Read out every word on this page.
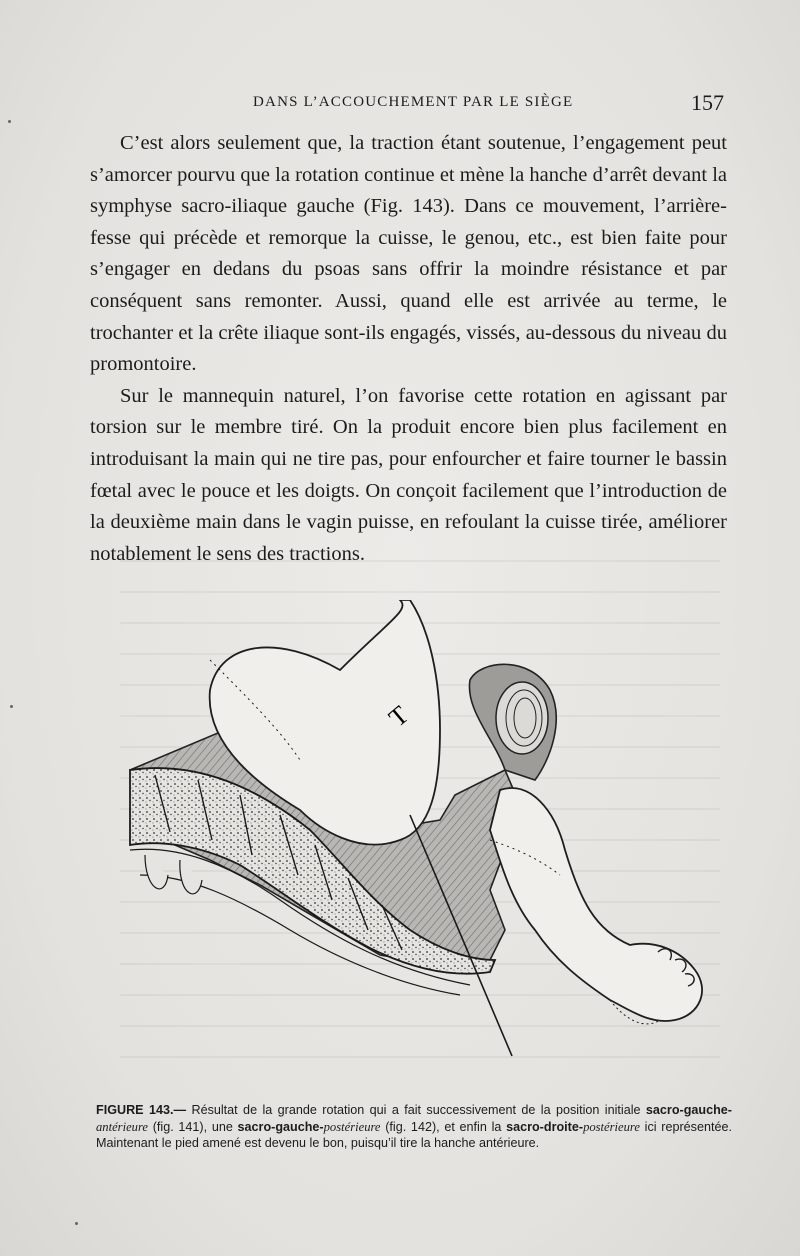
DANS L’ACCOUCHEMENT PAR LE SIÈGE	157

C’est alors seulement que, la traction étant soutenue, l’engagement peut s’amorcer pourvu que la rotation continue et mène la hanche d’arrêt devant la symphyse sacro-iliaque gauche (Fig. 143). Dans ce mouvement, l’arrière-fesse qui précède et remorque la cuisse, le genou, etc., est bien faite pour s’engager en dedans du psoas sans offrir la moindre résistance et par conséquent sans remonter. Aussi, quand elle est arrivée au terme, le trochanter et la crête iliaque sont-ils engagés, vissés, au-dessous du niveau du promontoire.

Sur le mannequin naturel, l’on favorise cette rotation en agissant par torsion sur le membre tiré. On la produit encore bien plus facilement en introduisant la main qui ne tire pas, pour enfourcher et faire tourner le bassin fœtal avec le pouce et les doigts. On conçoit facilement que l’introduction de la deuxième main dans le vagin puisse, en refoulant la cuisse tirée, améliorer notablement le sens des tractions.

T
FIGURE 143.— Résultat de la grande rotation qui a fait successivement de la position initiale sacro-gauche-antérieure (fig. 141), une sacro-gauche-postérieure (fig. 142), et enfin la sacro-droite-postérieure ici représentée. Maintenant le pied amené est devenu le bon, puisqu’il tire la hanche antérieure.
